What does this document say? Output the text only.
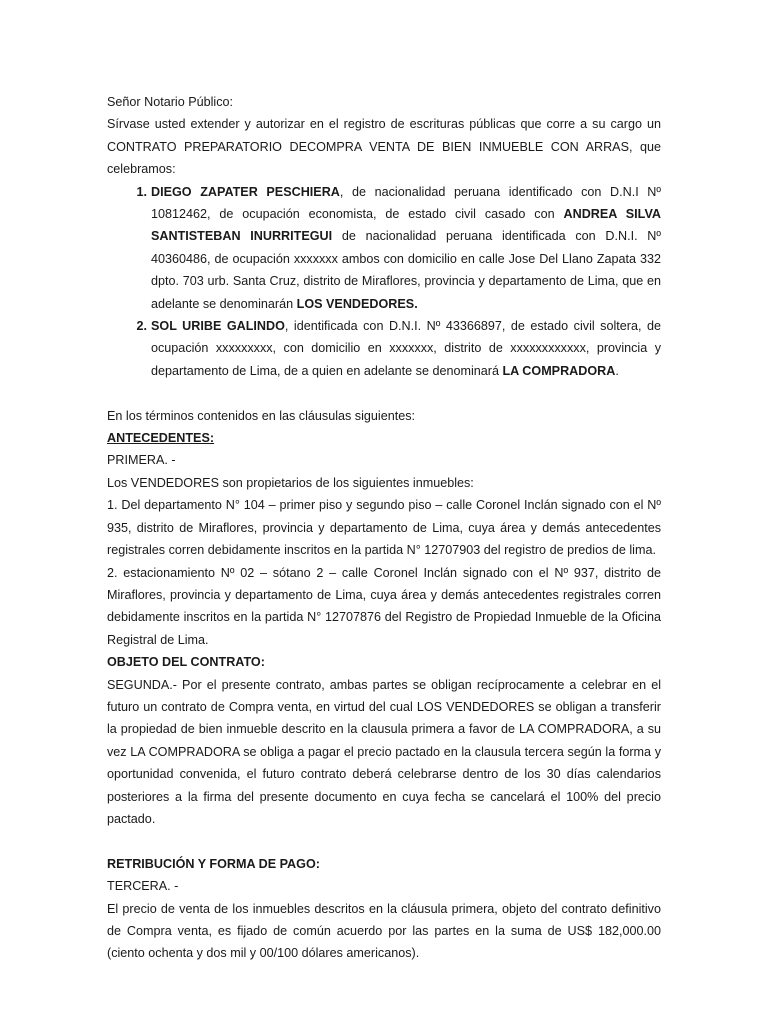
Señor Notario Público:

Sírvase usted extender y autorizar en el registro de escrituras públicas que corre a su cargo un CONTRATO PREPARATORIO DECOMPRA VENTA DE BIEN INMUEBLE CON ARRAS, que celebramos:

1. DIEGO ZAPATER PESCHIERA, de nacionalidad peruana identificado con D.N.I Nº 10812462, de ocupación economista, de estado civil casado con ANDREA SILVA SANTISTEBAN INURRITEGUI de nacionalidad peruana identificada con D.N.I. Nº 40360486, de ocupación xxxxxxx ambos con domicilio en calle Jose Del Llano Zapata 332 dpto. 703 urb. Santa Cruz, distrito de Miraflores, provincia y departamento de Lima, que en adelante se denominarán LOS VENDEDORES.
2. SOL URIBE GALINDO, identificada con D.N.I. Nº 43366897, de estado civil soltera, de ocupación xxxxxxxxx, con domicilio en xxxxxxx, distrito de xxxxxxxxxxxx, provincia y departamento de Lima, de a quien en adelante se denominará LA COMPRADORA.

En los términos contenidos en las cláusulas siguientes:

ANTECEDENTES:

PRIMERA. -

Los VENDEDORES son propietarios de los siguientes inmuebles:

1. Del departamento N° 104 – primer piso y segundo piso – calle Coronel Inclán signado con el Nº 935, distrito de Miraflores, provincia y departamento de Lima, cuya área y demás antecedentes registrales corren debidamente inscritos en la partida N° 12707903 del registro de predios de lima.

2. estacionamiento Nº 02 – sótano 2 – calle Coronel Inclán signado con el Nº 937, distrito de Miraflores, provincia y departamento de Lima, cuya área y demás antecedentes registrales corren debidamente inscritos en la partida N° 12707876 del Registro de Propiedad Inmueble de la Oficina Registral de Lima.

OBJETO DEL CONTRATO:

SEGUNDA.- Por el presente contrato, ambas partes se obligan recíprocamente a celebrar en el futuro un contrato de Compra venta, en virtud del cual LOS VENDEDORES se obligan a transferir la propiedad de bien inmueble descrito en la clausula primera a favor de LA COMPRADORA, a su vez LA COMPRADORA se obliga a pagar el precio pactado en la clausula tercera según la forma y oportunidad convenida, el futuro contrato deberá celebrarse dentro de los 30 días calendarios posteriores a la firma del presente documento en cuya fecha se cancelará el 100% del precio pactado.

RETRIBUCIÓN Y FORMA DE PAGO:

TERCERA. -

El precio de venta de los inmuebles descritos en la cláusula primera, objeto del contrato definitivo de Compra venta, es fijado de común acuerdo por las partes en la suma de US$ 182,000.00 (ciento ochenta y dos mil y 00/100 dólares americanos).
